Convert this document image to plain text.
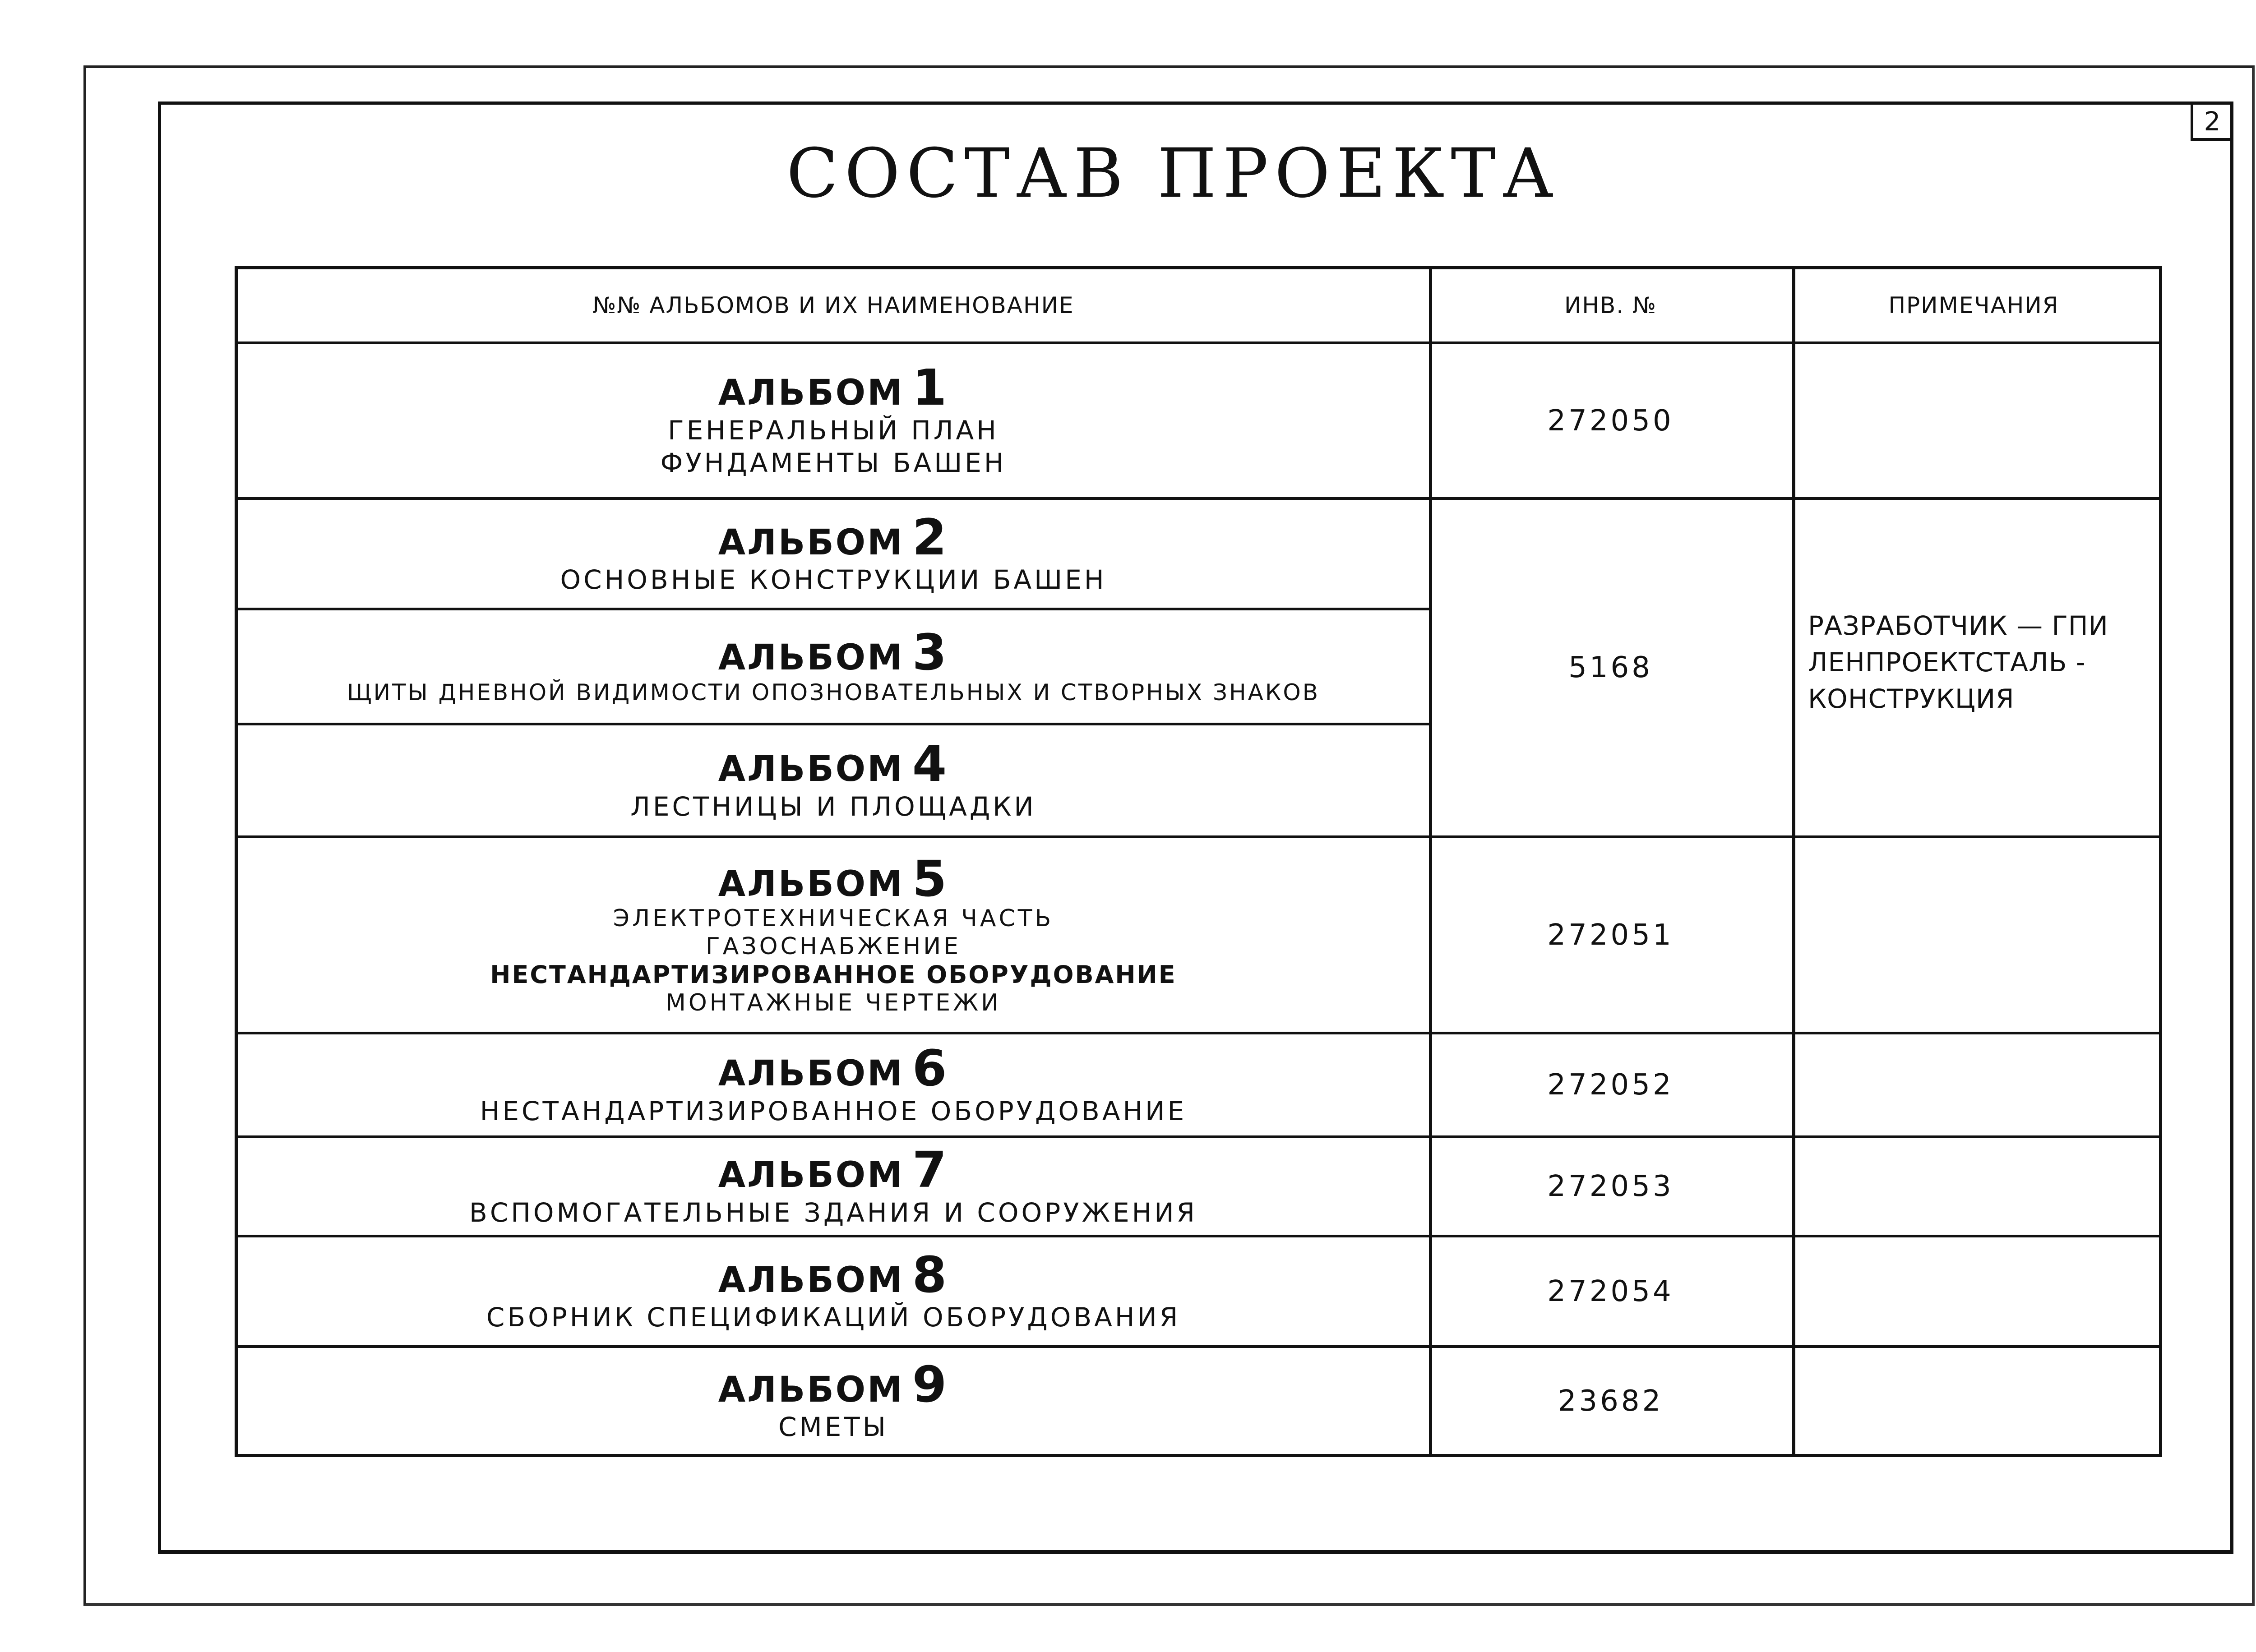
2
СОСТАВ ПРОЕКТА
№№ АЛЬБОМОВ И ИХ НАИМЕНОВАНИЕ	ИНВ. №	ПРИМЕЧАНИЯ
АЛЬБОМ 1
ГЕНЕРАЛЬНЫЙ ПЛАН
ФУНДАМЕНТЫ БАШЕН
272050
АЛЬБОМ 2
ОСНОВНЫЕ КОНСТРУКЦИИ БАШЕН
АЛЬБОМ 3
ЩИТЫ ДНЕВНОЙ ВИДИМОСТИ ОПОЗНОВАТЕЛЬНЫХ И СТВОРНЫХ ЗНАКОВ
АЛЬБОМ 4
ЛЕСТНИЦЫ И ПЛОЩАДКИ
5168
РАЗРАБОТЧИК — ГПИ
ЛЕНПРОЕКТСТАЛЬ -
КОНСТРУКЦИЯ
АЛЬБОМ 5
ЭЛЕКТРОТЕХНИЧЕСКАЯ ЧАСТЬ
ГАЗОСНАБЖЕНИЕ
НЕСТАНДАРТИЗИРОВАННОЕ ОБОРУДОВАНИЕ
МОНТАЖНЫЕ ЧЕРТЕЖИ
272051
АЛЬБОМ 6
НЕСТАНДАРТИЗИРОВАННОЕ ОБОРУДОВАНИЕ
272052
АЛЬБОМ 7
ВСПОМОГАТЕЛЬНЫЕ ЗДАНИЯ И СООРУЖЕНИЯ
272053
АЛЬБОМ 8
СБОРНИК СПЕЦИФИКАЦИЙ ОБОРУДОВАНИЯ
272054
АЛЬБОМ 9
СМЕТЫ
23682
